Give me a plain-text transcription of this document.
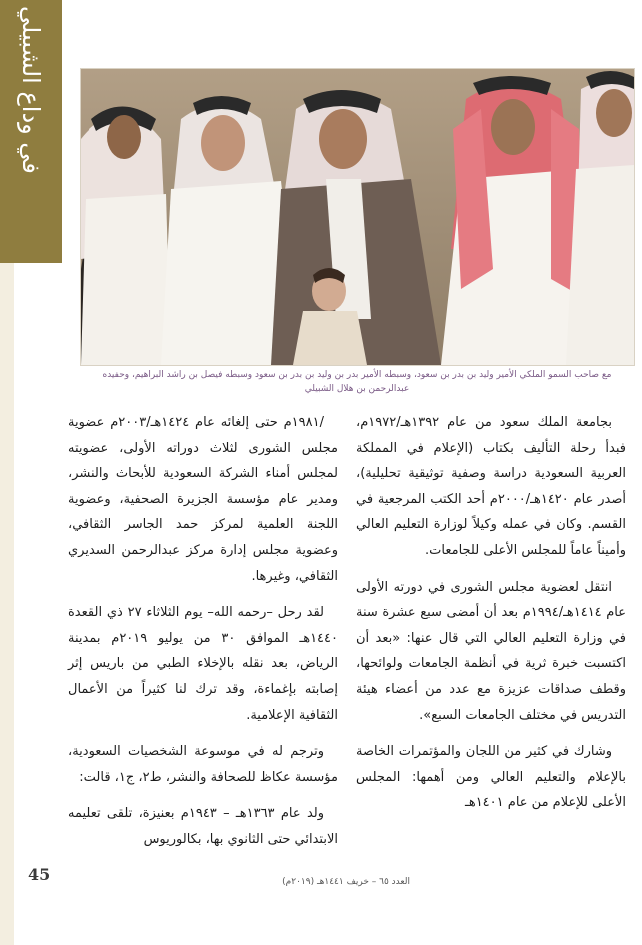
في وداع الشبيلي
مع صاحب السمو الملكي الأمير وليد بن بدر بن سعود، وسبطه الأمير بدر بن وليد بن بدر بن سعود وسبطه فيصل بن راشد البراهيم، وحفيده عبدالرحمن بن هلال الشبيلي

بجامعة الملك سعود من عام ١٣٩٢هـ/١٩٧٢م، فبدأ رحلة التأليف بكتاب (الإعلام في المملكة العربية السعودية دراسة وصفية توثيقية تحليلية)، أصدر عام ١٤٢٠هـ/٢٠٠٠م أحد الكتب المرجعية في القسم. وكان في عمله وكيلاً لوزارة التعليم العالي وأميناً عاماً للمجلس الأعلى للجامعات.

انتقل لعضوية مجلس الشورى في دورته الأولى عام ١٤١٤هـ/١٩٩٤م بعد أن أمضى سبع عشرة سنة في وزارة التعليم العالي التي قال عنها: «بعد أن اكتسبت خبرة ثرية في أنظمة الجامعات ولوائحها، وقطف صداقات عزيزة مع عدد من أعضاء هيئة التدريس في مختلف الجامعات السبع».

وشارك في كثير من اللجان والمؤتمرات الخاصة بالإعلام والتعليم العالي ومن أهمها: المجلس الأعلى للإعلام من عام ١٤٠١هـ

/١٩٨١م حتى إلغائه عام ١٤٢٤هـ/٢٠٠٣م عضوية مجلس الشورى لثلاث دوراته الأولى، عضويته لمجلس أمناء الشركة السعودية للأبحاث والنشر، ومدير عام مؤسسة الجزيرة الصحفية، وعضوية اللجنة العلمية لمركز حمد الجاسر الثقافي، وعضوية مجلس إدارة مركز عبدالرحمن السديري الثقافي، وغيرها.

لقد رحل –رحمه الله– يوم الثلاثاء ٢٧ ذي القعدة ١٤٤٠هـ الموافق ٣٠ من يوليو ٢٠١٩م بمدينة الرياض، بعد نقله بالإخلاء الطبي من باريس إثر إصابته بإغماءة، وقد ترك لنا كثيراً من الأعمال الثقافية الإعلامية.

وترجم له في موسوعة الشخصيات السعودية، مؤسسة عكاظ للصحافة والنشر، ط٢، ج١، قالت:

ولد عام ١٣٦٣هـ – ١٩٤٣م بعنيزة، تلقى تعليمه الابتدائي حتى الثانوي بها، بكالوريوس

45	العدد ٦٥ – خريف ١٤٤١هـ (٢٠١٩م)
